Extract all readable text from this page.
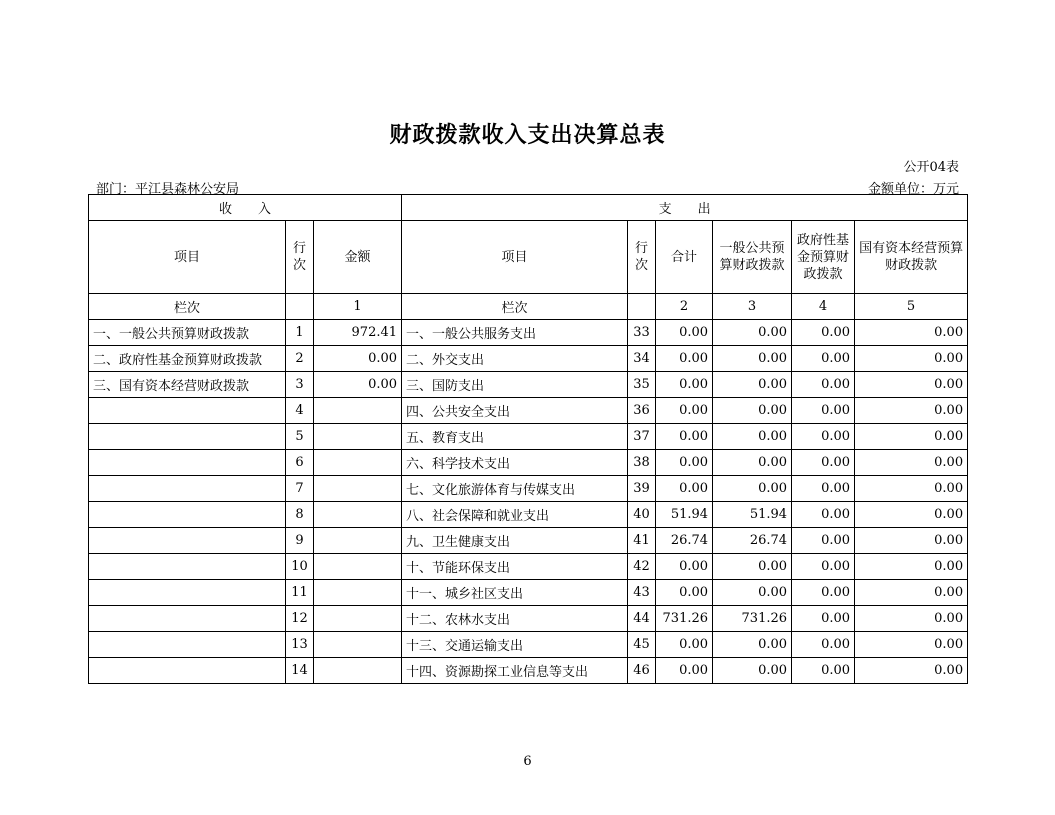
财政拨款收入支出决算总表
公开04表
部门：平江县森林公安局	金额单位：万元
收　　入			支　　出					
项目	行次	金额	项目	行次	合计	一般公共预算财政拨款	政府性基金预算财政拨款	国有资本经营预算财政拨款
栏次		1	栏次		2	3	4	5
一、一般公共预算财政拨款	1	972.41	一、一般公共服务支出	33	0.00	0.00	0.00	0.00
二、政府性基金预算财政拨款	2	0.00	二、外交支出	34	0.00	0.00	0.00	0.00
三、国有资本经营财政拨款	3	0.00	三、国防支出	35	0.00	0.00	0.00	0.00
	4		四、公共安全支出	36	0.00	0.00	0.00	0.00
	5		五、教育支出	37	0.00	0.00	0.00	0.00
	6		六、科学技术支出	38	0.00	0.00	0.00	0.00
	7		七、文化旅游体育与传媒支出	39	0.00	0.00	0.00	0.00
	8		八、社会保障和就业支出	40	51.94	51.94	0.00	0.00
	9		九、卫生健康支出	41	26.74	26.74	0.00	0.00
	10		十、节能环保支出	42	0.00	0.00	0.00	0.00
	11		十一、城乡社区支出	43	0.00	0.00	0.00	0.00
	12		十二、农林水支出	44	731.26	731.26	0.00	0.00
	13		十三、交通运输支出	45	0.00	0.00	0.00	0.00
	14		十四、资源勘探工业信息等支出	46	0.00	0.00	0.00	0.00
6
